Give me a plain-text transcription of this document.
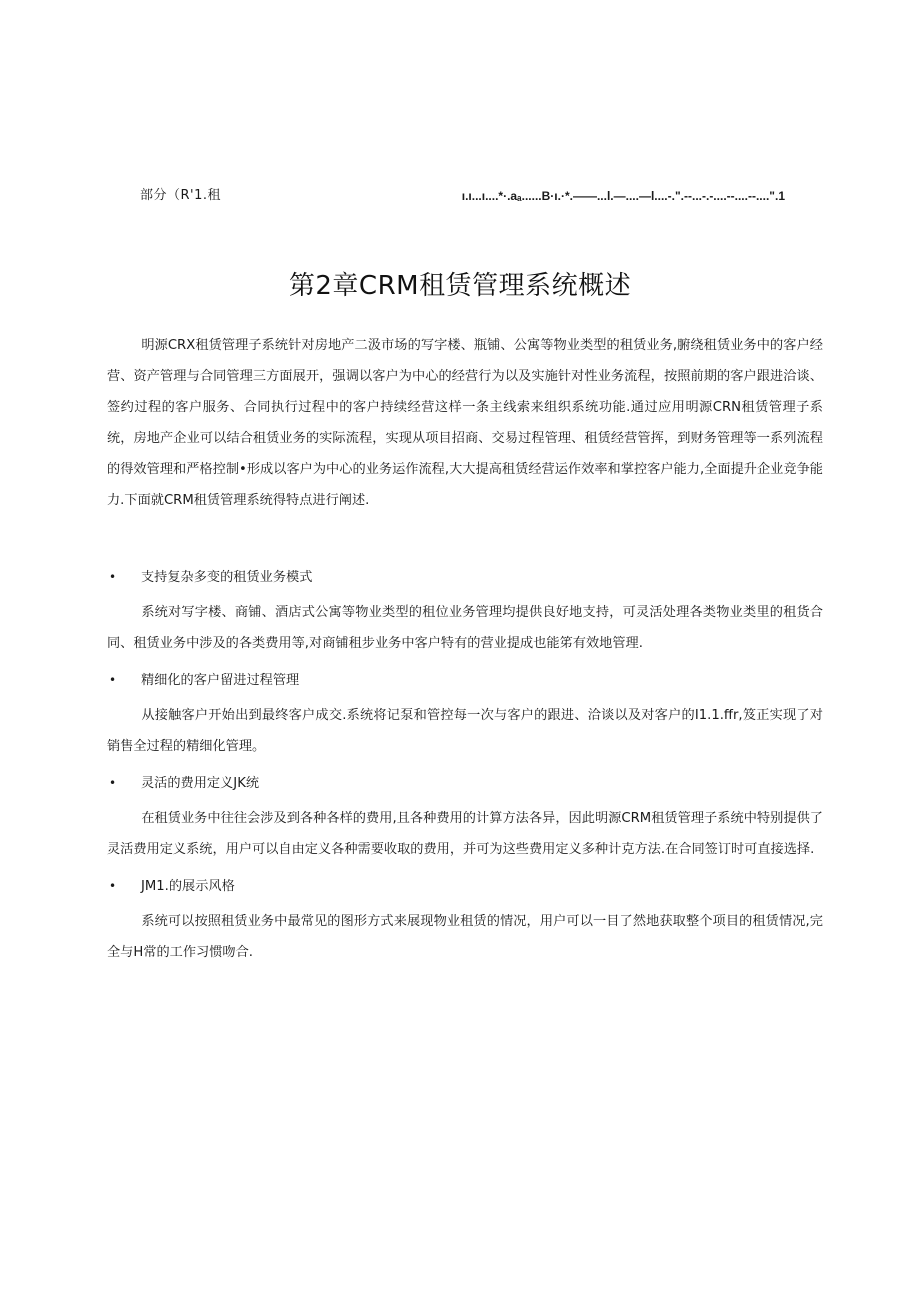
部分（R'1.租	ı.ı...ı....*·.aₐ......B·ı.·*.——...l.—....—l....-.".-‐...-.-....-‐....-‐....".1
第2章CRM租赁管理系统概述

明源CRX租赁管理子系统针对房地产二汲市场的写字楼、瓶铺、公寓等物业类型的租赁业务,腑绕租赁业务中的客户经营、资产管理与合同管理三方面展开，强调以客户为中心的经营行为以及实施针对性业务流程，按照前期的客户跟进洽谈、签约过程的客户服务、合同执行过程中的客户持续经营这样一条主线索来组织系统功能.通过应用明源CRN租赁管理子系统，房地产企业可以结合租赁业务的实际流程，实现从项目招商、交易过程管理、租赁经营管挥，到财务管理等一系列流程的得效管理和严格控制•形成以客户为中心的业务运作流程,大大提高租赁经营运作效率和掌控客户能力,全面提升企业竞争能力.下面就CRM租赁管理系统得特点进行阐述.

• 支持复杂多变的租赁业务模式

系统对写字楼、商铺、酒店式公寓等物业类型的租位业务管理均提供良好地支持，可灵活处理各类物业类里的租货合同、租赁业务中涉及的各类费用等,对商铺租步业务中客户特有的营业提成也能笫有效地管理.

• 精细化的客户留进过程管理

从接触客户开始出到最终客户成交.系统将记泵和管控每一次与客户的跟进、洽谈以及对客户的I1.1.ffr,笈正实现了对销售全过程的精细化管理。

• 灵活的费用定义JK统

在租赁业务中往往会涉及到各种各样的费用,且各种费用的计算方法各异，因此明源CRM租赁管理子系统中特别提供了灵活费用定义系统，用户可以自由定义各种需要收取的费用，并可为这些费用定义多种计克方法.在合同签订时可直接选择.

• JM1.的展示风格

系统可以按照租赁业务中最常见的图形方式来展现物业租赁的情况，用户可以一目了然地获取整个项目的租赁情况,完全与H常的工作习惯吻合.
